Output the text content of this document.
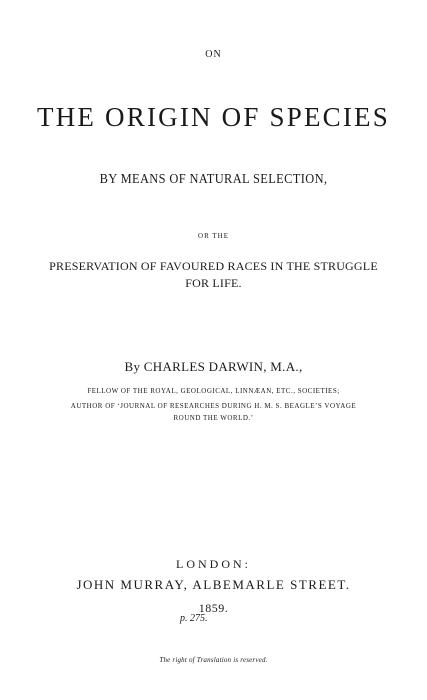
ON
THE ORIGIN OF SPECIES
BY MEANS OF NATURAL SELECTION,
OR THE
PRESERVATION OF FAVOURED RACES IN THE STRUGGLE
FOR LIFE.
By CHARLES DARWIN, M.A.,
FELLOW OF THE ROYAL, GEOLOGICAL, LINNÆAN, ETC., SOCIETIES;
AUTHOR OF ‘JOURNAL OF RESEARCHES DURING H. M. S. BEAGLE’S VOYAGE
ROUND THE WORLD.’
LONDON:
JOHN MURRAY, ALBEMARLE STREET.
1859.
p. 275.
The right of Translation is reserved.
